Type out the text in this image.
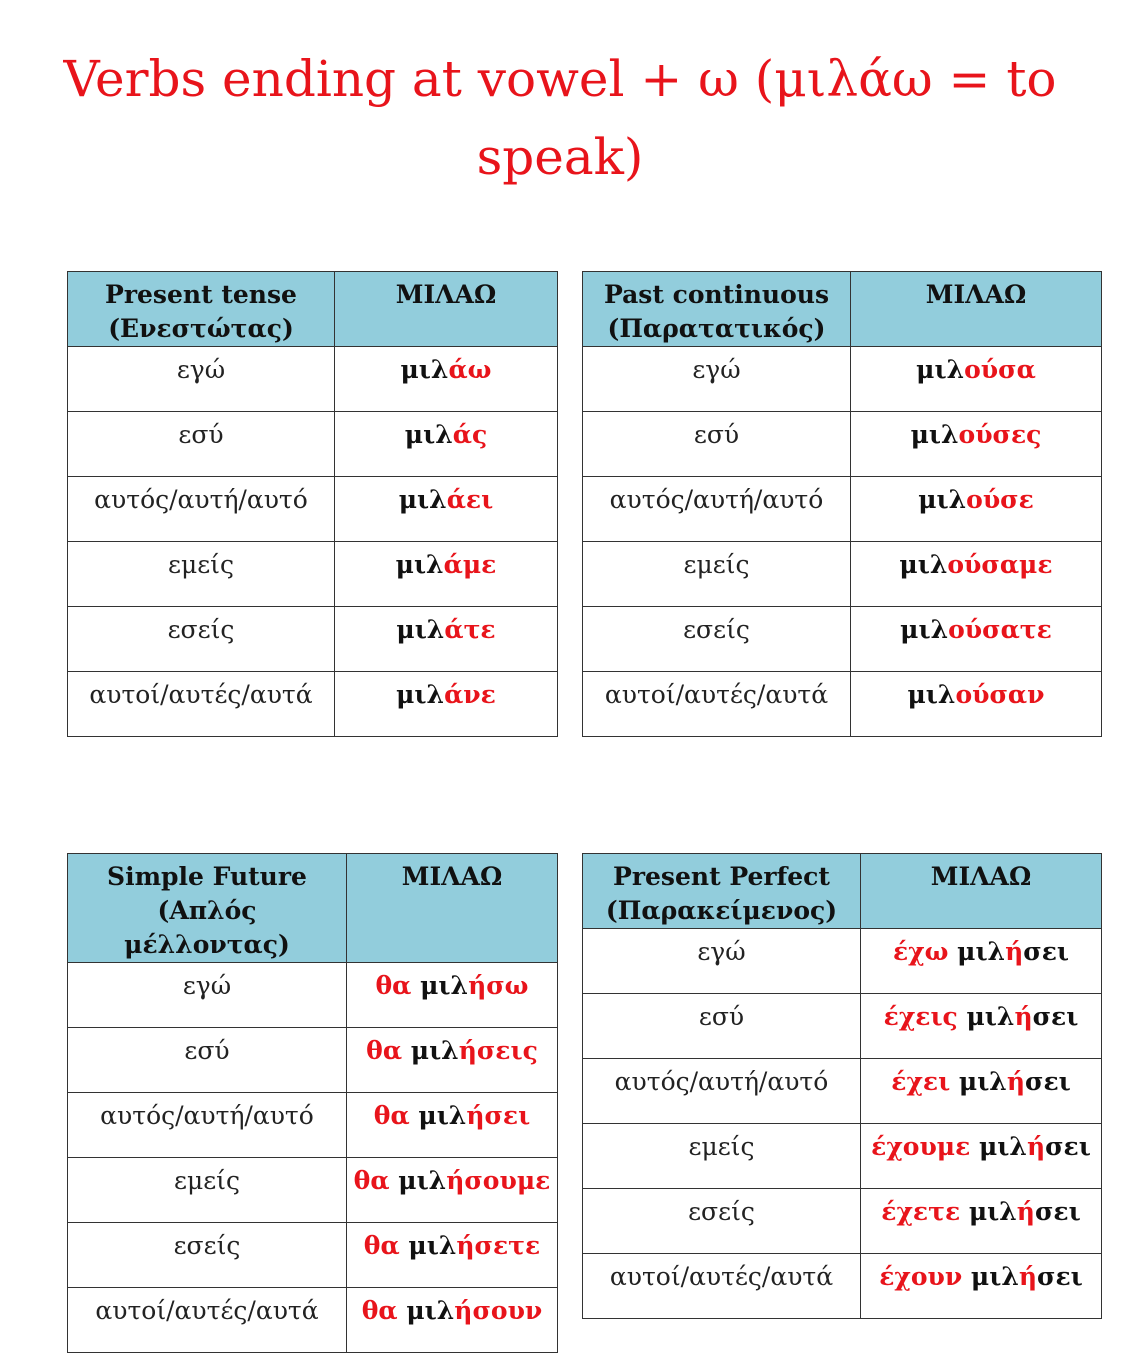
Verbs ending at vowel + ω (μιλάω = to speak)
Present tense
(Ενεστώτας)	ΜΙΛΑΩ
εγώ	μιλάω
εσύ	μιλάς
αυτός/αυτή/αυτό	μιλάει
εμείς	μιλάμε
εσείς	μιλάτε
αυτοί/αυτές/αυτά	μιλάνε
Past continuous
(Παρατατικός)	ΜΙΛΑΩ
εγώ	μιλούσα
εσύ	μιλούσες
αυτός/αυτή/αυτό	μιλούσε
εμείς	μιλούσαμε
εσείς	μιλούσατε
αυτοί/αυτές/αυτά	μιλούσαν
Simple Future
(Απλός μέλλοντας)	ΜΙΛΑΩ
εγώ	θα μιλήσω
εσύ	θα μιλήσεις
αυτός/αυτή/αυτό	θα μιλήσει
εμείς	θα μιλήσουμε
εσείς	θα μιλήσετε
αυτοί/αυτές/αυτά	θα μιλήσουν
Present Perfect
(Παρακείμενος)	ΜΙΛΑΩ
εγώ	έχω μιλήσει
εσύ	έχεις μιλήσει
αυτός/αυτή/αυτό	έχει μιλήσει
εμείς	έχουμε μιλήσει
εσείς	έχετε μιλήσει
αυτοί/αυτές/αυτά	έχουν μιλήσει
